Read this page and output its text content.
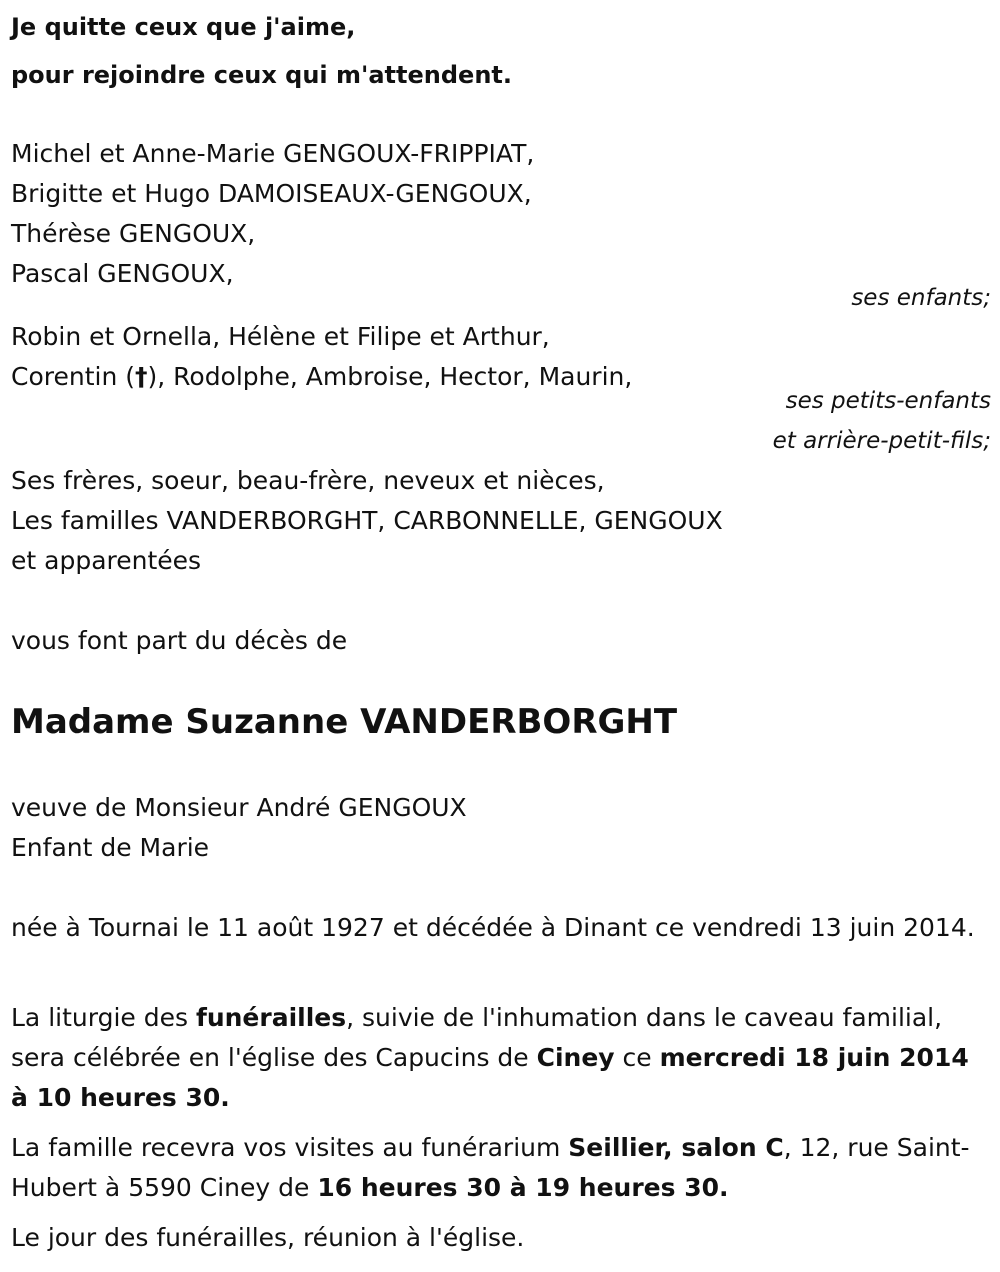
Je quitte ceux que j'aime,

pour rejoindre ceux qui m'attendent.

Michel et Anne-Marie GENGOUX-FRIPPIAT,

Brigitte et Hugo DAMOISEAUX-GENGOUX,

Thérèse GENGOUX,

Pascal GENGOUX,

ses enfants;

Robin et Ornella, Hélène et Filipe et Arthur,

Corentin (†), Rodolphe, Ambroise, Hector, Maurin,

ses petits-enfants

et arrière-petit-fils;

Ses frères, soeur, beau-frère, neveux et nièces,

Les familles VANDERBORGHT, CARBONNELLE, GENGOUX

et apparentées

vous font part du décès de

Madame Suzanne VANDERBORGHT

veuve de Monsieur André GENGOUX

Enfant de Marie

née à Tournai le 11 août 1927 et décédée à Dinant ce vendredi 13 juin 2014.

La liturgie des funérailles, suivie de l'inhumation dans le caveau familial, sera célébrée en l'église des Capucins de Ciney ce mercredi 18 juin 2014 à 10 heures 30.

La famille recevra vos visites au funérarium Seillier, salon C, 12, rue Saint-Hubert à 5590 Ciney de 16 heures 30 à 19 heures 30.

Le jour des funérailles, réunion à l'église.
